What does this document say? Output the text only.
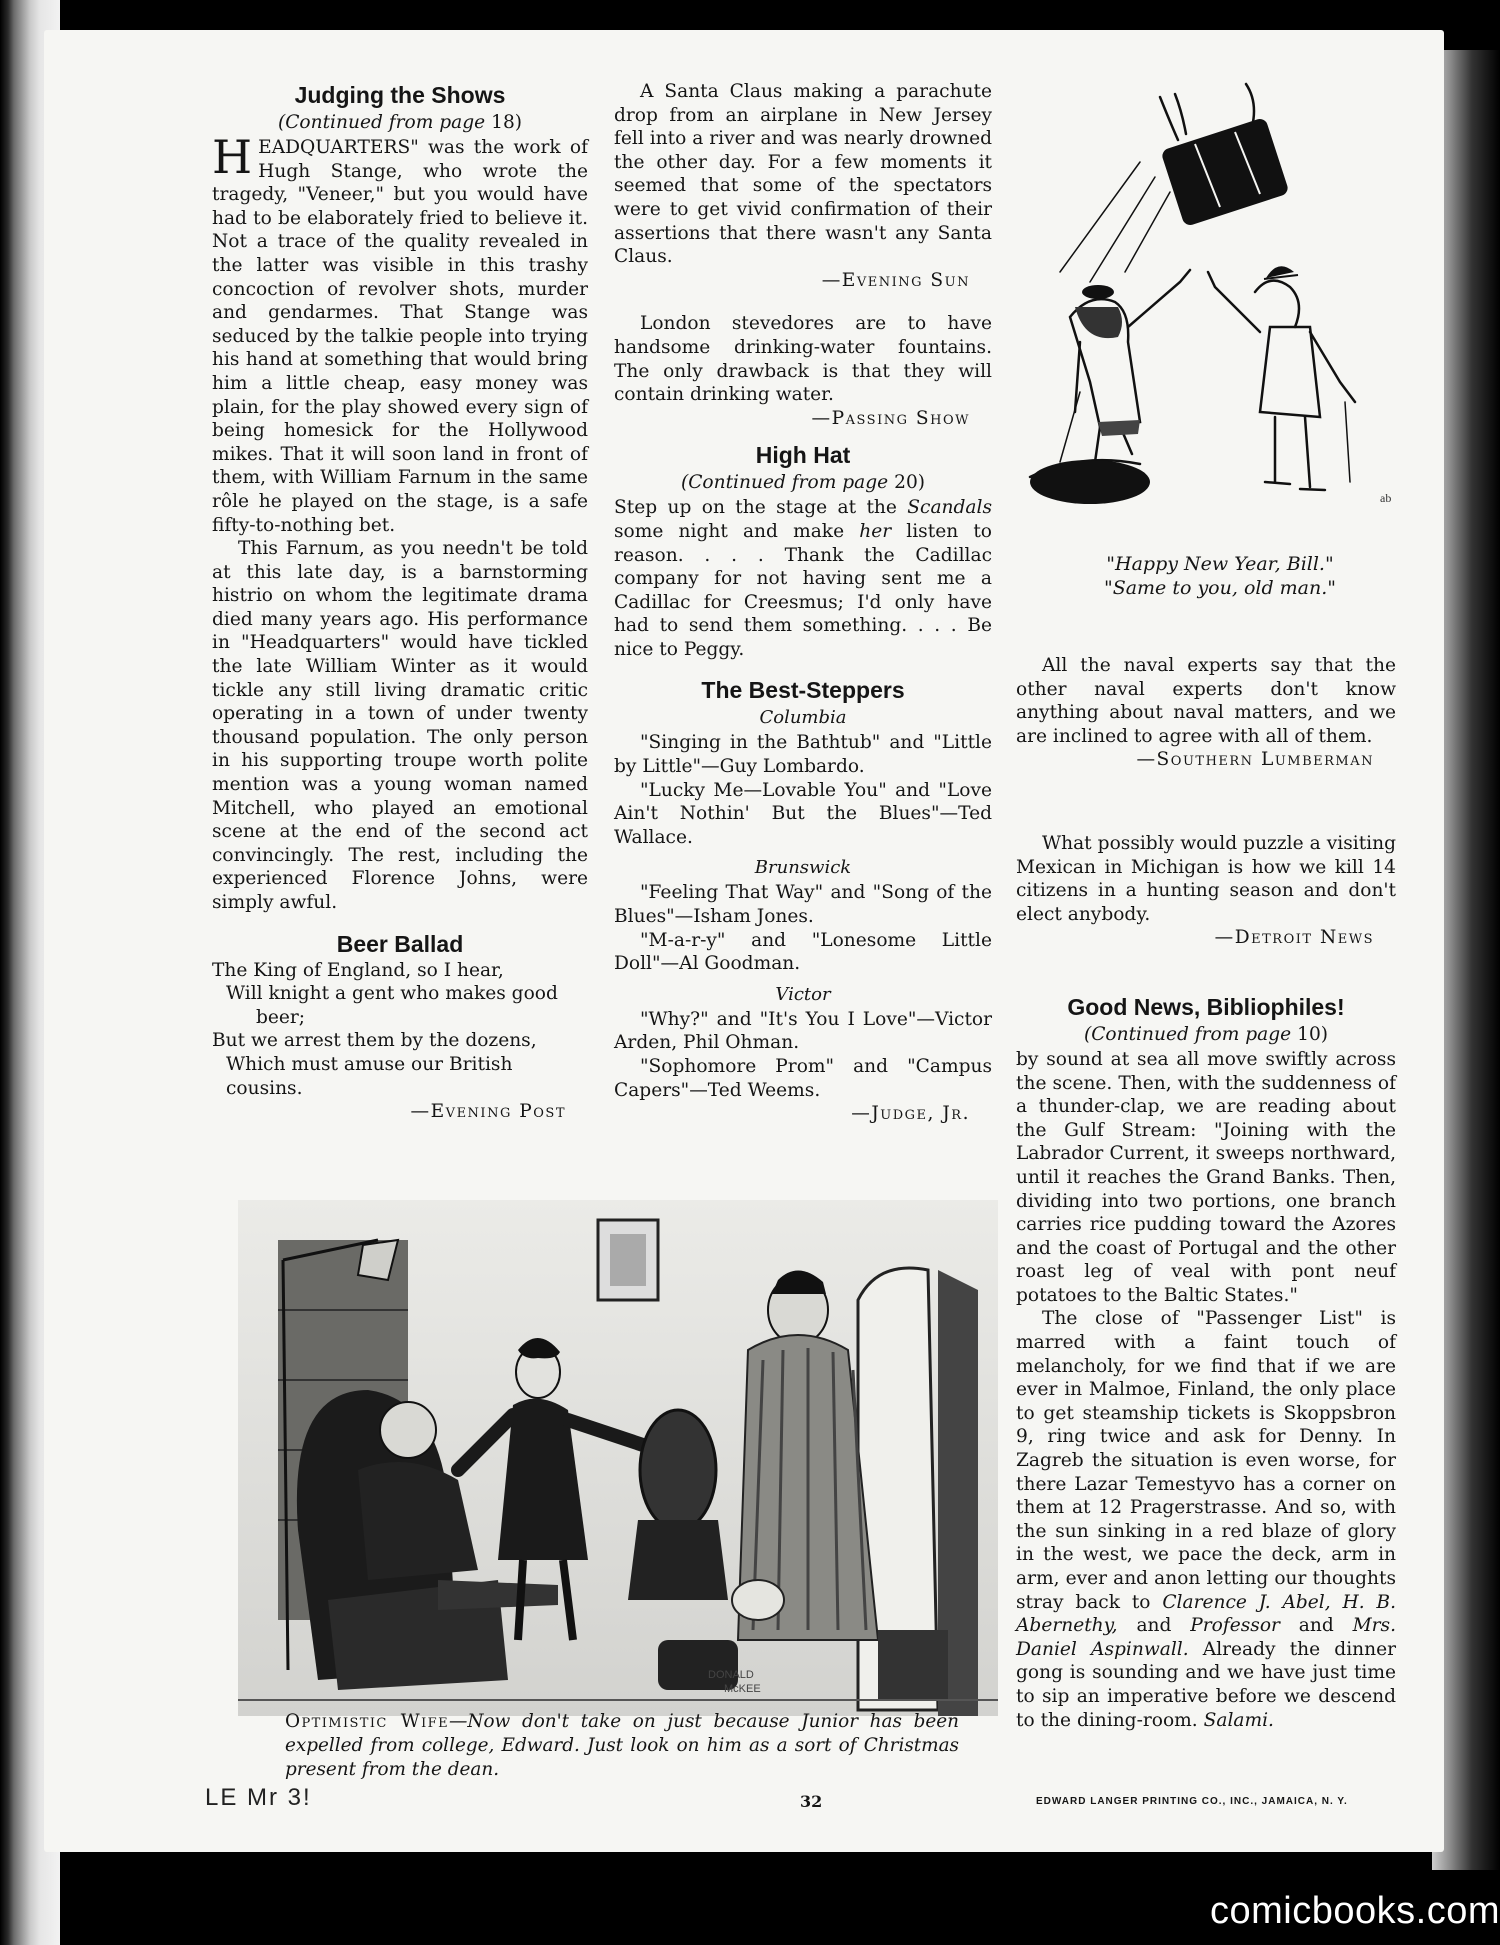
Judging the Shows
(Continued from page 18)

HEADQUARTERS" was the work of Hugh Stange, who wrote the tragedy, "Veneer," but you would have had to be elaborately fried to believe it. Not a trace of the quality revealed in the latter was visible in this trashy concoction of revolver shots, murder and gendarmes. That Stange was seduced by the talkie people into trying his hand at something that would bring him a little cheap, easy money was plain, for the play showed every sign of being homesick for the Hollywood mikes. That it will soon land in front of them, with William Farnum in the same rôle he played on the stage, is a safe fifty-to-nothing bet.

This Farnum, as you needn't be told at this late day, is a barnstorming histrio on whom the legitimate drama died many years ago. His performance in "Headquarters" would have tickled the late William Winter as it would tickle any still living dramatic critic operating in a town of under twenty thousand population. The only person in his supporting troupe worth polite mention was a young woman named Mitchell, who played an emotional scene at the end of the second act convincingly. The rest, including the experienced Florence Johns, were simply awful.

Beer Ballad
The King of England, so I hear,
Will knight a gent who makes good
beer;
But we arrest them by the dozens,
Which must amuse our British cousins.
—Evening Post

A Santa Claus making a parachute drop from an airplane in New Jersey fell into a river and was nearly drowned the other day. For a few moments it seemed that some of the spectators were to get vivid confirmation of their assertions that there wasn't any Santa Claus.

—Evening Sun

London stevedores are to have handsome drinking-water fountains. The only drawback is that they will contain drinking water.

—Passing Show
High Hat
(Continued from page 20)

Step up on the stage at the Scandals some night and make her listen to reason. . . . Thank the Cadillac company for not having sent me a Cadillac for Creesmus; I'd only have had to send them something. . . . Be nice to Peggy.

The Best-Steppers
Columbia

"Singing in the Bathtub" and "Little by Little"—Guy Lombardo.

"Lucky Me—Lovable You" and "Love Ain't Nothin' But the Blues"—Ted Wallace.

Brunswick

"Feeling That Way" and "Song of the Blues"—Isham Jones.

"M-a-r-y" and "Lonesome Little Doll"—Al Goodman.

Victor

"Why?" and "It's You I Love"—Victor Arden, Phil Ohman.

"Sophomore Prom" and "Campus Capers"—Ted Weems.

—Judge, Jr.
ab
"Happy New Year, Bill."
"Same to you, old man."

All the naval experts say that the other naval experts don't know anything about naval matters, and we are inclined to agree with all of them.

—Southern Lumberman

What possibly would puzzle a visiting Mexican in Michigan is how we kill 14 citizens in a hunting season and don't elect anybody.

—Detroit News
Good News, Bibliophiles!
(Continued from page 10)

by sound at sea all move swiftly across the scene. Then, with the suddenness of a thunder-clap, we are reading about the Gulf Stream: "Joining with the Labrador Current, it sweeps northward, until it reaches the Grand Banks. Then, dividing into two portions, one branch carries rice pudding toward the Azores and the coast of Portugal and the other roast leg of veal with pont neuf potatoes to the Baltic States."

The close of "Passenger List" is marred with a faint touch of melancholy, for we find that if we are ever in Malmoe, Finland, the only place to get steamship tickets is Skoppsbron 9, ring twice and ask for Denny. In Zagreb the situation is even worse, for there Lazar Temestyvo has a corner on them at 12 Pragerstrasse. And so, with the sun sinking in a red blaze of glory in the west, we pace the deck, arm in arm, ever and anon letting our thoughts stray back to Clarence J. Abel, H. B. Abernethy, and Professor and Mrs. Daniel Aspinwall. Already the dinner gong is sounding and we have just time to sip an imperative before we descend to the dining-room. Salami.

DONALD
McKEE
Optimistic Wife—Now don't take on just because Junior has been expelled from college, Edward. Just look on him as a sort of Christmas present from the dean.
LE Mr 3!	32	EDWARD LANGER PRINTING CO., INC., JAMAICA, N. Y.
comicbooks.com
